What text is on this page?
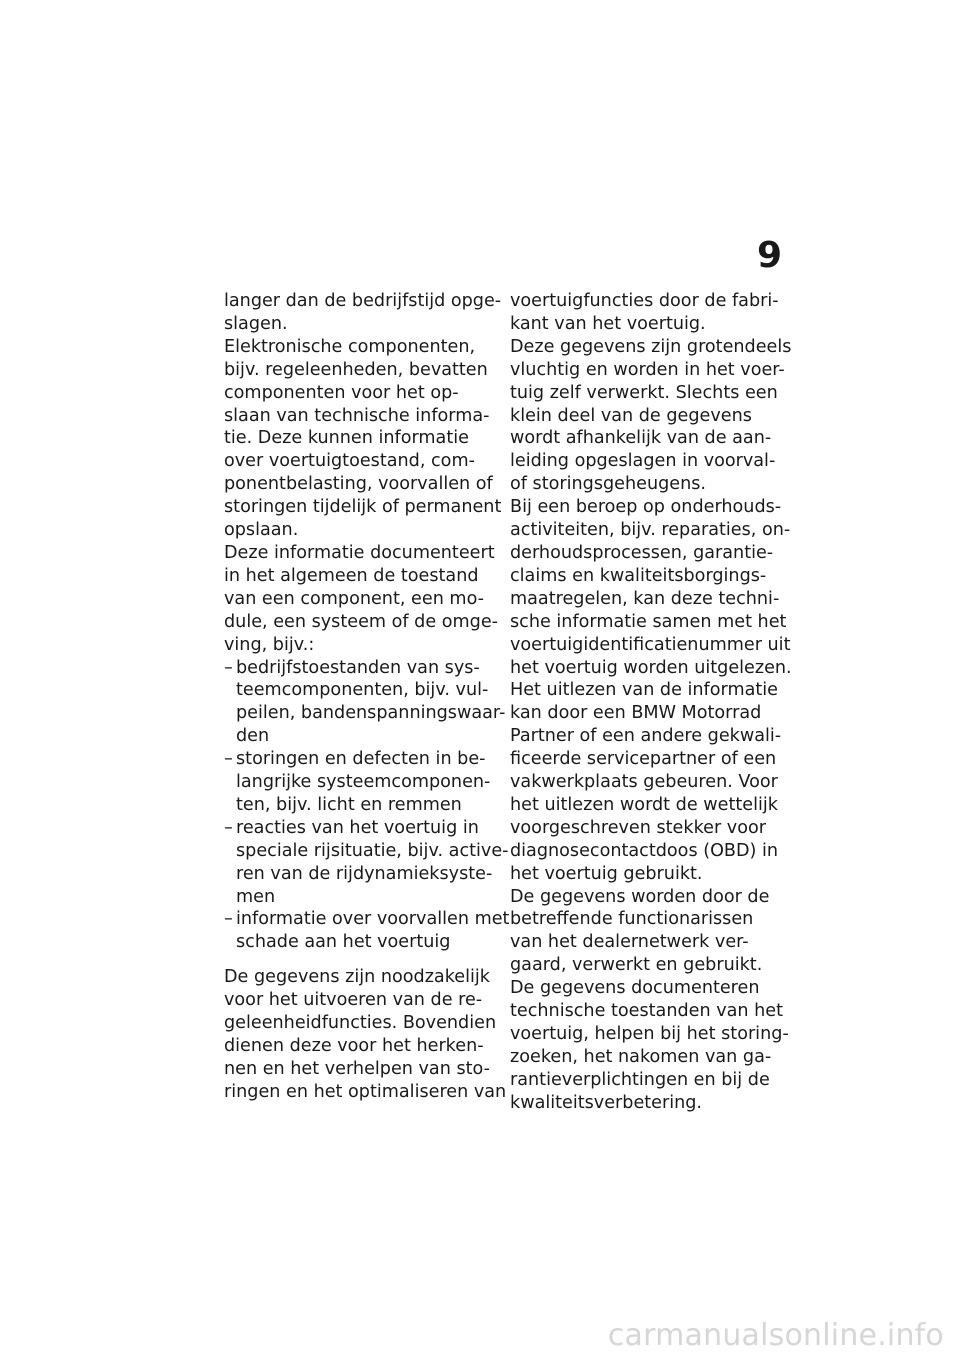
9
langer dan de bedrijfstijd opge-
slagen.
Elektronische componenten,
bijv. regeleenheden, bevatten
componenten voor het op-
slaan van technische informa-
tie. Deze kunnen informatie
over voertuigtoestand, com-
ponentbelasting, voorvallen of
storingen tijdelijk of permanent
opslaan.
Deze informatie documenteert
in het algemeen de toestand
van een component, een mo-
dule, een systeem of de omge-
ving, bijv.:
– bedrijfstoestanden van sys-
teemcomponenten, bijv. vul-
peilen, bandenspanningswaar-
den
– storingen en defecten in be-
langrijke systeemcomponen-
ten, bijv. licht en remmen
– reacties van het voertuig in
speciale rijsituatie, bijv. active-
ren van de rijdynamieksyste-
men
– informatie over voorvallen met
schade aan het voertuig
De gegevens zijn noodzakelijk
voor het uitvoeren van de re-
geleenheidfuncties. Bovendien
dienen deze voor het herken-
nen en het verhelpen van sto-
ringen en het optimaliseren van
voertuigfuncties door de fabri-
kant van het voertuig.
Deze gegevens zijn grotendeels
vluchtig en worden in het voer-
tuig zelf verwerkt. Slechts een
klein deel van de gegevens
wordt afhankelijk van de aan-
leiding opgeslagen in voorval-
of storingsgeheugens.
Bij een beroep op onderhouds-
activiteiten, bijv. reparaties, on-
derhoudsprocessen, garantie-
claims en kwaliteitsborgings-
maatregelen, kan deze techni-
sche informatie samen met het
voertuigidentificatienummer uit
het voertuig worden uitgelezen.
Het uitlezen van de informatie
kan door een BMW Motorrad
Partner of een andere gekwali-
ficeerde servicepartner of een
vakwerkplaats gebeuren. Voor
het uitlezen wordt de wettelijk
voorgeschreven stekker voor
diagnosecontactdoos (OBD) in
het voertuig gebruikt.
De gegevens worden door de
betreffende functionarissen
van het dealernetwerk ver-
gaard, verwerkt en gebruikt.
De gegevens documenteren
technische toestanden van het
voertuig, helpen bij het storing-
zoeken, het nakomen van ga-
rantieverplichtingen en bij de
kwaliteitsverbetering.
carmanualsonline.info
